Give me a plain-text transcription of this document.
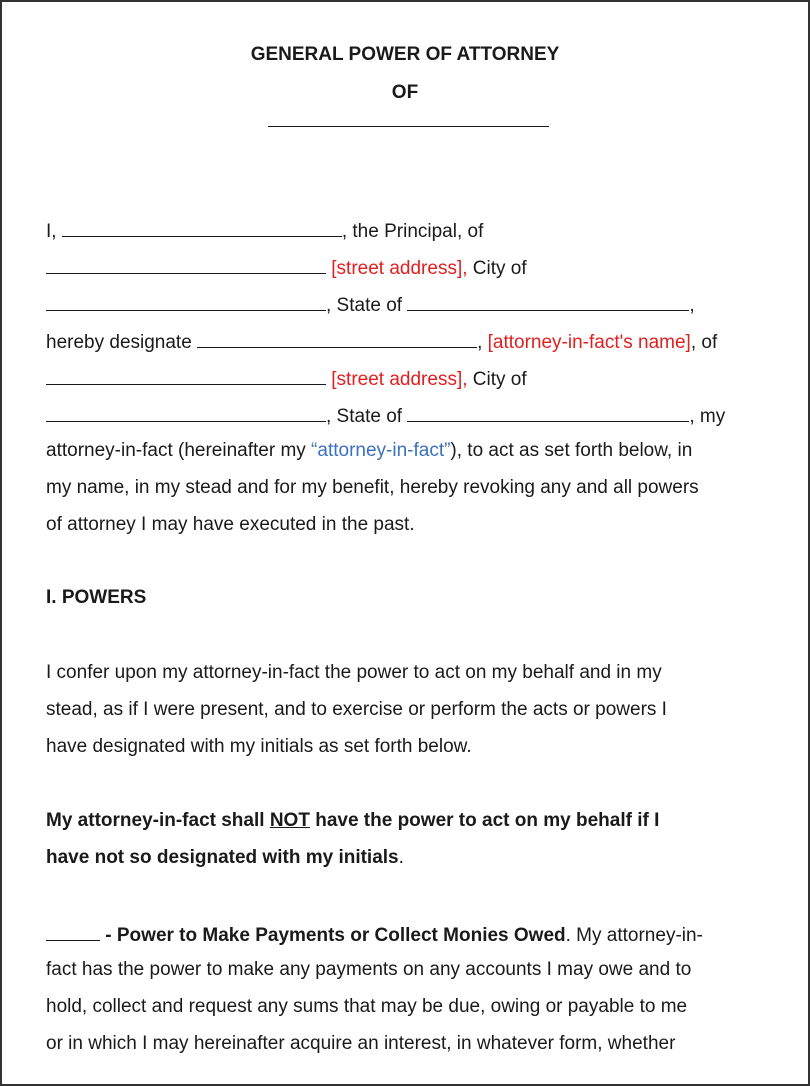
GENERAL POWER OF ATTORNEY
OF
I,	, the Principal, of
[street address], City of
, State of	,
hereby designate	, [attorney-in-fact's name], of
[street address], City of
, State of	, my
attorney-in-fact (hereinafter my “attorney-in-fact”), to act as set forth below, in
my name, in my stead and for my benefit, hereby revoking any and all powers
of attorney I may have executed in the past.
I. POWERS
I confer upon my attorney-in-fact the power to act on my behalf and in my
stead, as if I were present, and to exercise or perform the acts or powers I
have designated with my initials as set forth below.
My attorney-in-fact shall NOT have the power to act on my behalf if I
have not so designated with my initials.
- Power to Make Payments or Collect Monies Owed. My attorney-in-
fact has the power to make any payments on any accounts I may owe and to
hold, collect and request any sums that may be due, owing or payable to me
or in which I may hereinafter acquire an interest, in whatever form, whether
